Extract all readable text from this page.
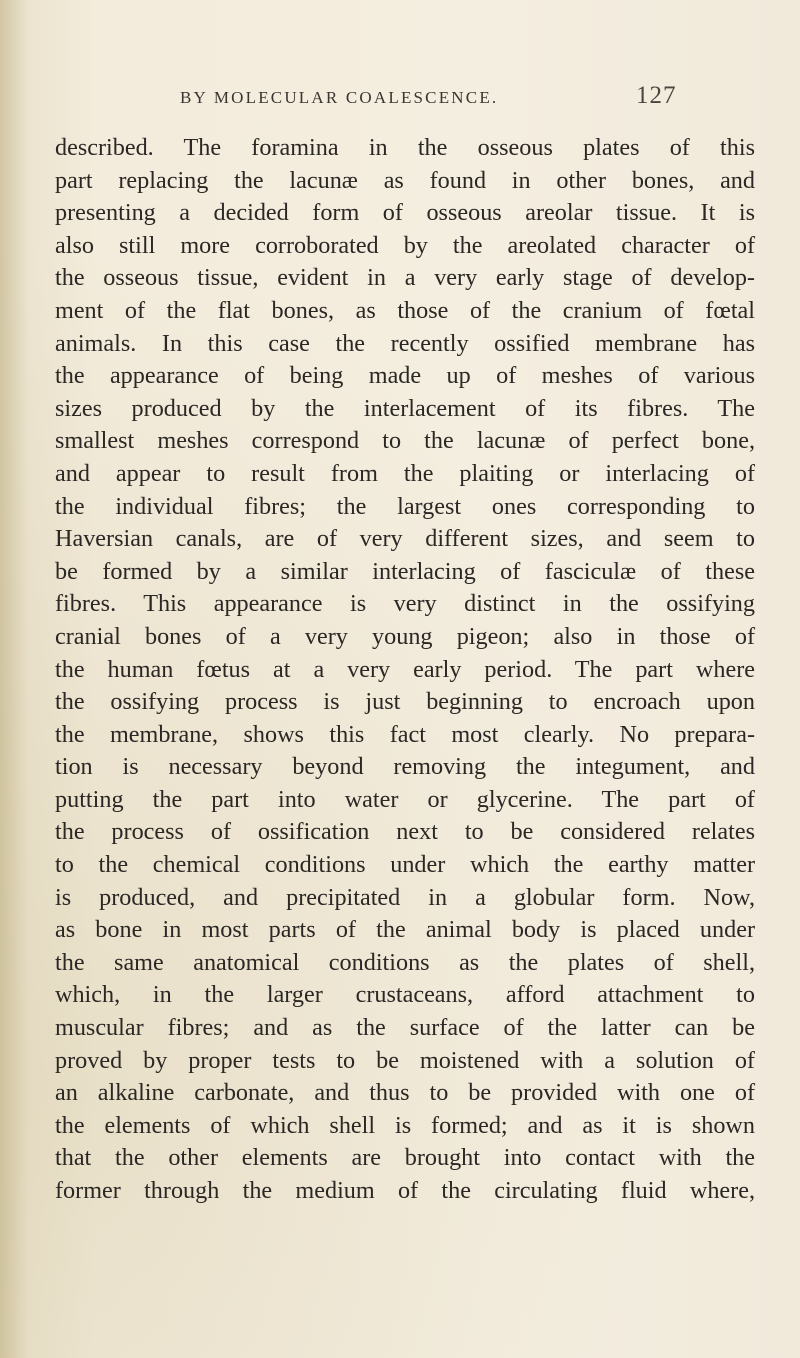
BY MOLECULAR COALESCENCE.	127
described. The foramina in the osseous plates of this
part replacing the lacunæ as found in other bones, and
presenting a decided form of osseous areolar tissue. It is
also still more corroborated by the areolated character of
the osseous tissue, evident in a very early stage of develop-
ment of the flat bones, as those of the cranium of fœtal
animals. In this case the recently ossified membrane has
the appearance of being made up of meshes of various
sizes produced by the interlacement of its fibres. The
smallest meshes correspond to the lacunæ of perfect bone,
and appear to result from the plaiting or interlacing of
the individual fibres; the largest ones corresponding to
Haversian canals, are of very different sizes, and seem to
be formed by a similar interlacing of fasciculæ of these
fibres. This appearance is very distinct in the ossifying
cranial bones of a very young pigeon; also in those of
the human fœtus at a very early period. The part where
the ossifying process is just beginning to encroach upon
the membrane, shows this fact most clearly. No prepara-
tion is necessary beyond removing the integument, and
putting the part into water or glycerine. The part of
the process of ossification next to be considered relates
to the chemical conditions under which the earthy matter
is produced, and precipitated in a globular form. Now,
as bone in most parts of the animal body is placed under
the same anatomical conditions as the plates of shell,
which, in the larger crustaceans, afford attachment to
muscular fibres; and as the surface of the latter can be
proved by proper tests to be moistened with a solution of
an alkaline carbonate, and thus to be provided with one of
the elements of which shell is formed; and as it is shown
that the other elements are brought into contact with the
former through the medium of the circulating fluid where,
